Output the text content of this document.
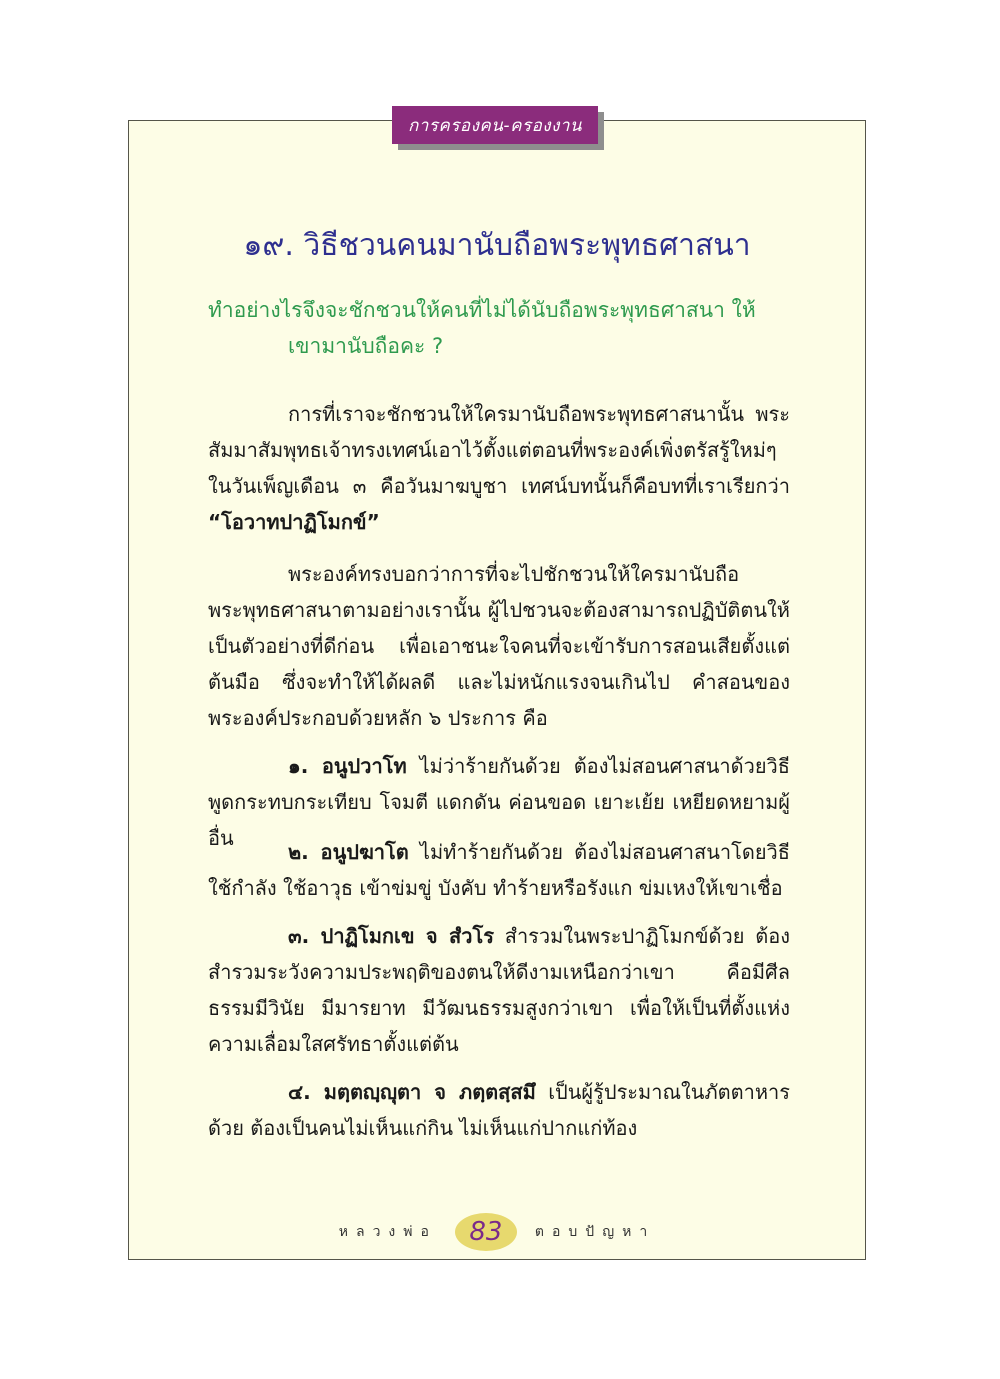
การครองคน-ครองงาน
๑๙. วิธีชวนคนมานับถือพระพุทธศาสนา
ทำอย่างไรจึงจะชักชวนให้คนที่ไม่ได้นับถือพระพุทธศาสนา ให้
เขามานับถือคะ ?
การที่เราจะชักชวนให้ใครมานับถือพระพุทธศาสนานั้น พระสัมมาสัมพุทธเจ้าทรงเทศน์เอาไว้ตั้งแต่ตอนที่พระองค์เพิ่งตรัสรู้ใหม่ๆ ในวันเพ็ญเดือน ๓ คือวันมาฆบูชา เทศน์บทนั้นก็คือบทที่เราเรียกว่า “โอวาทปาฏิโมกข์”
พระองค์ทรงบอกว่าการที่จะไปชักชวนให้ใครมานับถือพระพุทธศาสนาตามอย่างเรานั้น ผู้ไปชวนจะต้องสามารถปฏิบัติตนให้เป็นตัวอย่างที่ดีก่อน เพื่อเอาชนะใจคนที่จะเข้ารับการสอนเสียตั้งแต่ต้นมือ ซึ่งจะทำให้ได้ผลดี และไม่หนักแรงจนเกินไป คำสอนของพระองค์ประกอบด้วยหลัก ๖ ประการ คือ
๑. อนูปวาโท ไม่ว่าร้ายกันด้วย ต้องไม่สอนศาสนาด้วยวิธีพูดกระทบกระเทียบ โจมตี แดกดัน ค่อนขอด เยาะเย้ย เหยียดหยามผู้อื่น
๒. อนูปฆาโต ไม่ทำร้ายกันด้วย ต้องไม่สอนศาสนาโดยวิธีใช้กำลัง ใช้อาวุธ เข้าข่มขู่ บังคับ ทำร้ายหรือรังแก ข่มเหงให้เขาเชื่อ
๓. ปาฏิโมกเข จ สํวโร สำรวมในพระปาฏิโมกข์ด้วย ต้องสำรวมระวังความประพฤติของตนให้ดีงามเหนือกว่าเขา คือมีศีลธรรมมีวินัย มีมารยาท มีวัฒนธรรมสูงกว่าเขา เพื่อให้เป็นที่ตั้งแห่งความเลื่อมใสศรัทธาตั้งแต่ต้น
๔. มตฺตญฺญุตา จ ภตฺตสฺสมึ เป็นผู้รู้ประมาณในภัตตาหารด้วย ต้องเป็นคนไม่เห็นแก่กิน ไม่เห็นแก่ปากแก่ท้อง
หลวงพ่อ	83	ตอบปัญหา
